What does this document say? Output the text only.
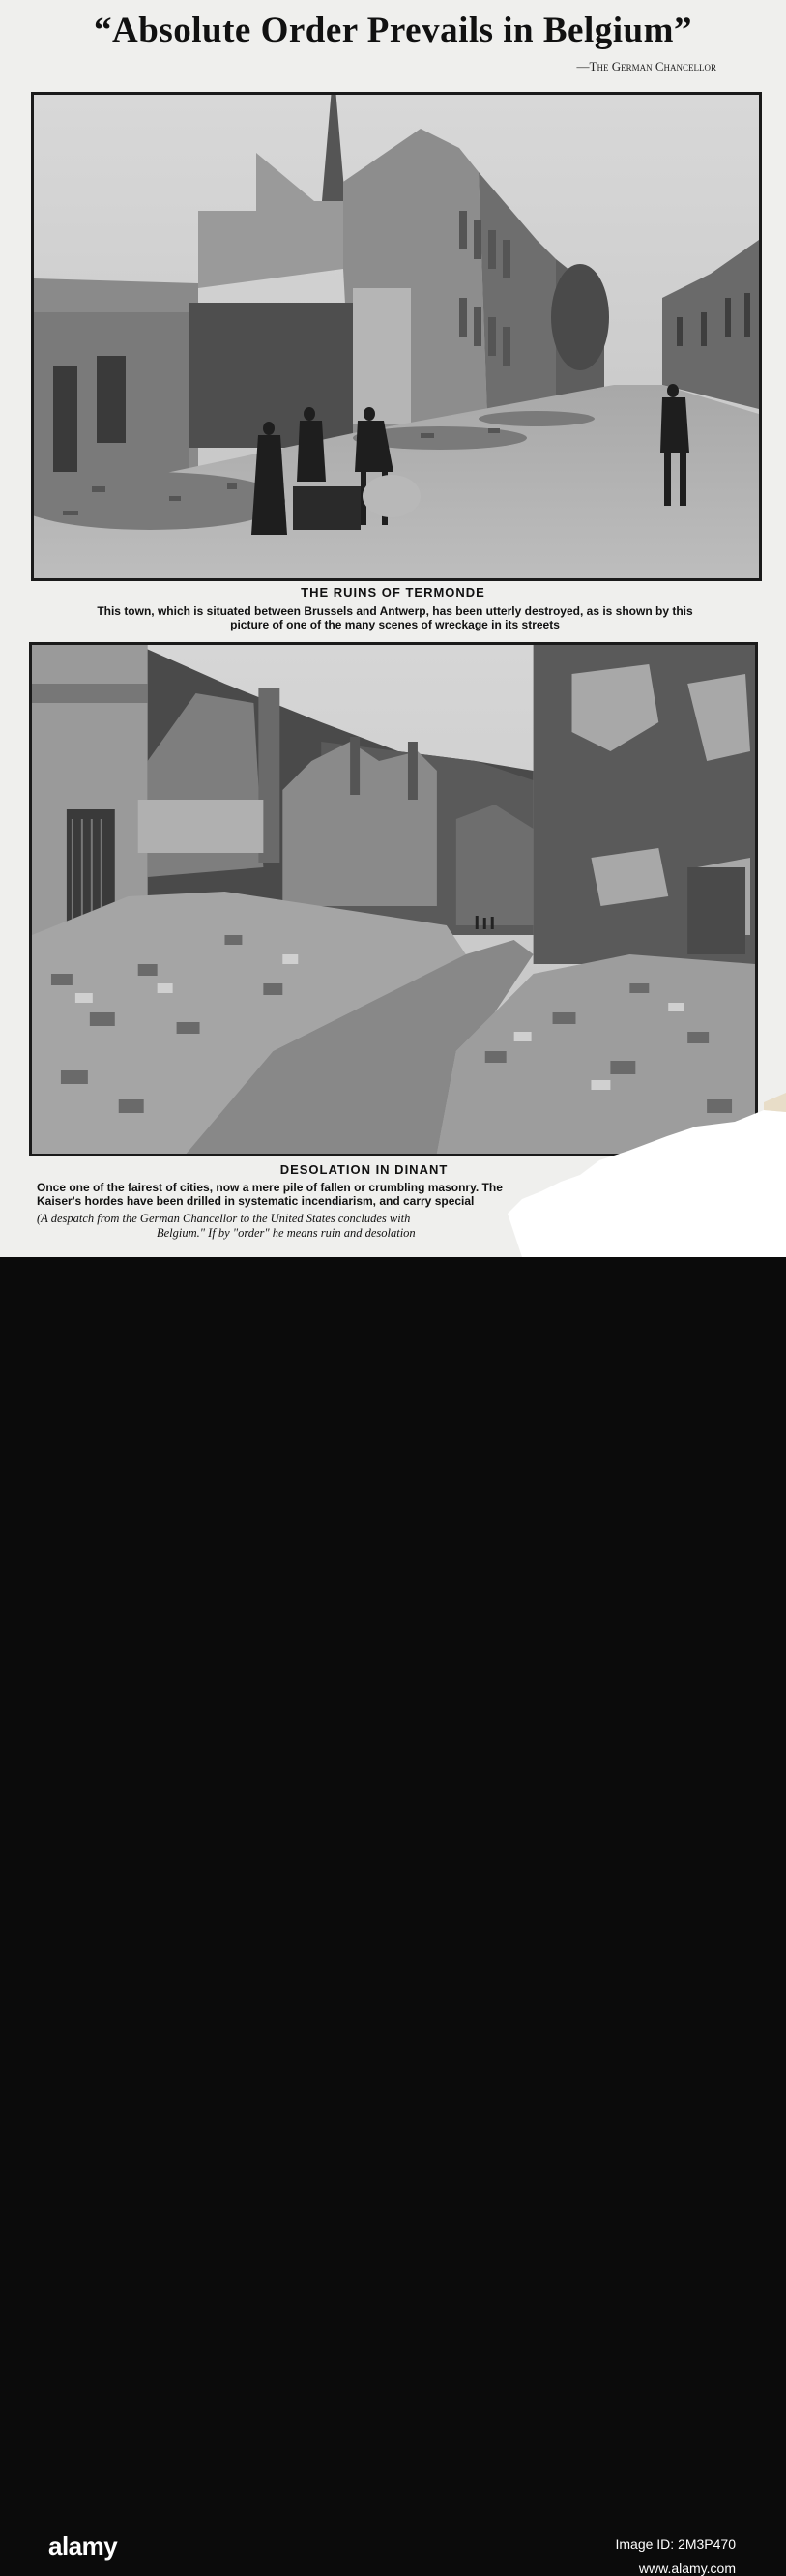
“Absolute Order Prevails in Belgium”
—The German Chancellor
THE RUINS OF TERMONDE
This town, which is situated between Brussels and Antwerp, has been utterly destroyed, as is shown by this
picture of one of the many scenes of wreckage in its streets
DESOLATION IN DINANT
Once one of the fairest of cities, now a mere pile of fallen or crumbling masonry. The
Kaiser's hordes have been drilled in systematic incendiarism, and carry special
(A despatch from the German Chancellor to the United States concludes with
Belgium." If by "order" he means ruin and desolation
alamy	Image ID: 2M3P470
www.alamy.com
